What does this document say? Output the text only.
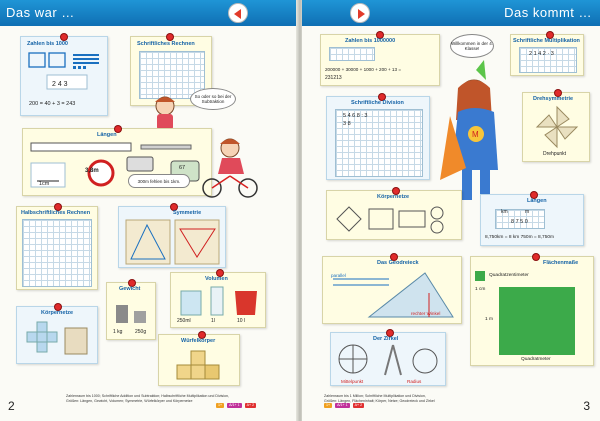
Das war …
Zahlen bis 1000
2 4 3
200 = 40 + 3 = 243
Schriftliches Rechnen
So oder so bei der Subtraktion
Längen
3,8m	67
1cm	300m fehlen bis 1km.
Halbschriftliches Rechnen	Symmetrie
Gewicht
1 kg	250g
Volumen
250ml	1l	10 l
Körpernetze
Würfelkörper
2
Zahlenraum bis 1000; Schriftliche Addition und Subtraktion; Halbschriftliche Multiplikation und Division,
Größen: Längen, Gewicht, Volumen; Symmetrie, Würfelkörper und Körpernetze
1+ A/1+ 1 A+ 2
Das kommt …
Zahlen bis 1000000
200000 + 30000 + 1000 + 200 + 13 =
231213
Willkommen in der 4. Klasse!
Schriftliche Multiplikation
2 1 4 2 · 3
Schriftliche Division
5 4 6 8 : 3
3 8
M
Drehsymmetrie
Drehpunkt
Körpernetze
Längen
km	m
8 7 5 0
8,750km = 8 km 750m = 8,750m
Das Geodreieck
parallel
rechter Winkel
Flächenmaße
Quadratzentimeter
1 cm
1 m
Quadratmeter
Der Zirkel
Mittelpunkt	Radius
3
Zahlenraum bis 1 Million; Schriftliche Multiplikation und Division,
Größen: Längen, Flächeninhalt; Körper, Netze; Geodreieck und Zirkel
1+ A/1+ 1 A+ 2
